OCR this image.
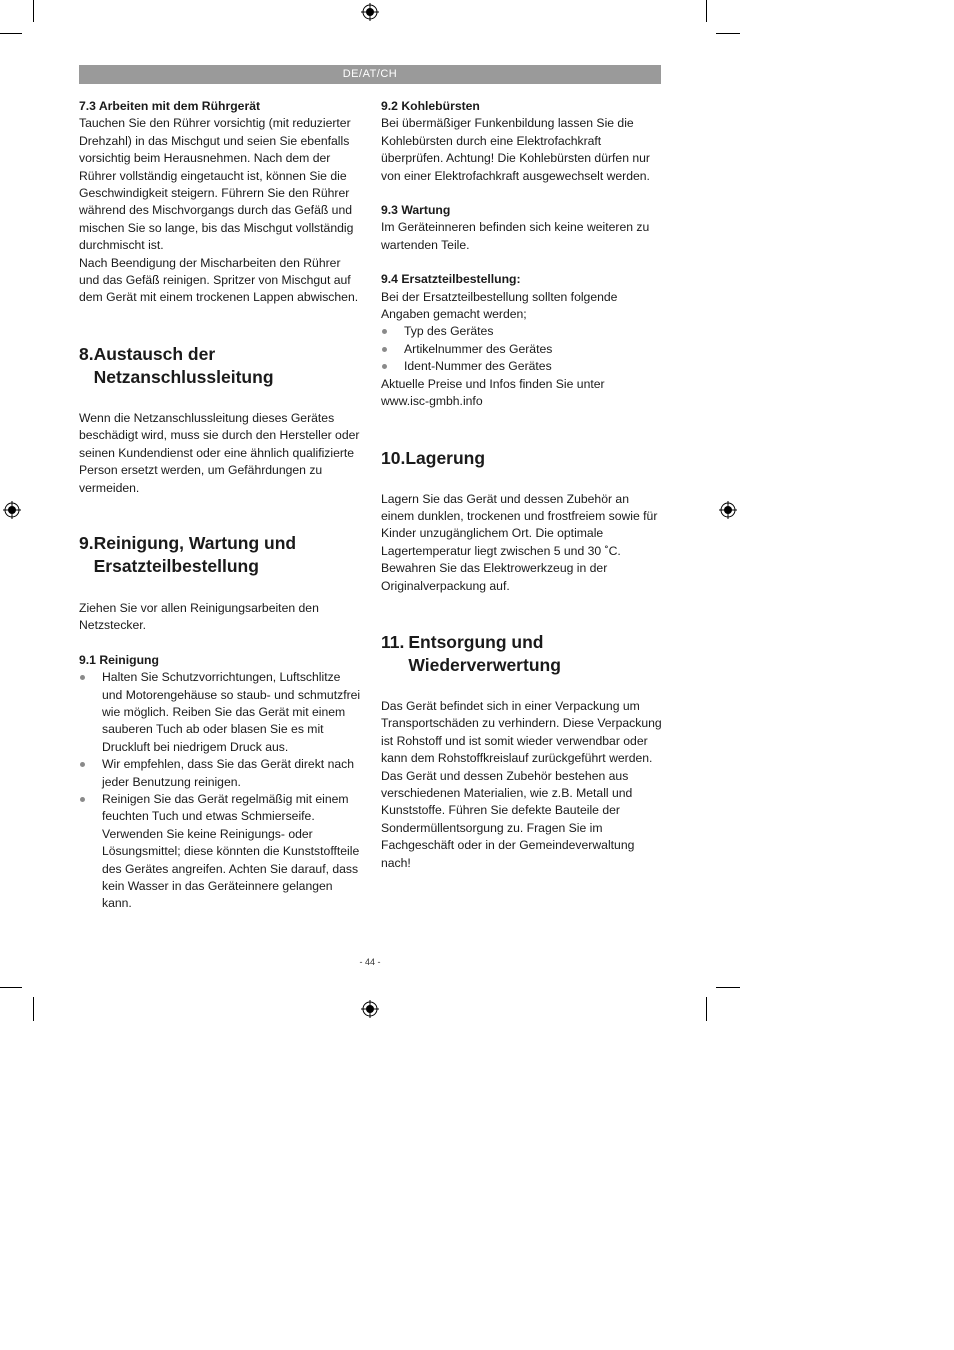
DE/AT/CH

7.3 Arbeiten mit dem Rührgerät

Tauchen Sie den Rührer vorsichtig (mit reduzierter Drehzahl) in das Mischgut und seien Sie ebenfalls vorsichtig beim Herausnehmen. Nach dem der Rührer vollständig eingetaucht ist, können Sie die Geschwindigkeit steigern. Führern Sie den Rührer während des Mischvorgangs durch das Gefäß und mischen Sie so lange, bis das Mischgut vollständig durchmischt ist.

Nach Beendigung der Mischarbeiten den Rührer und das Gefäß reinigen. Spritzer von Mischgut auf dem Gerät mit einem trockenen Lappen abwischen.

8. Austausch der Netzanschlussleitung

Wenn die Netzanschlussleitung dieses Gerätes beschädigt wird, muss sie durch den Hersteller oder seinen Kundendienst oder eine ähnlich qualifizierte Person ersetzt werden, um Gefährdungen zu vermeiden.

9. Reinigung, Wartung und Ersatzteilbestellung

Ziehen Sie vor allen Reinigungsarbeiten den Netzstecker.

9.1 Reinigung

Halten Sie Schutzvorrichtungen, Luftschlitze und Motorengehäuse so staub- und schmutzfrei wie möglich. Reiben Sie das Gerät mit einem sauberen Tuch ab oder blasen Sie es mit Druckluft bei niedrigem Druck aus.
Wir empfehlen, dass Sie das Gerät direkt nach jeder Benutzung reinigen.
Reinigen Sie das Gerät regelmäßig mit einem feuchten Tuch und etwas Schmierseife. Verwenden Sie keine Reinigungs- oder Lösungsmittel; diese könnten die Kunststoffteile des Gerätes angreifen. Achten Sie darauf, dass kein Wasser in das Geräteinnere gelangen kann.

9.2 Kohlebürsten

Bei übermäßiger Funkenbildung lassen Sie die Kohlebürsten durch eine Elektrofachkraft überprüfen. Achtung! Die Kohlebürsten dürfen nur von einer Elektrofachkraft ausgewechselt werden.

9.3 Wartung

Im Geräteinneren befinden sich keine weiteren zu wartenden Teile.

9.4 Ersatzteilbestellung:

Bei der Ersatzteilbestellung sollten folgende Angaben gemacht werden;

Typ des Gerätes
Artikelnummer des Gerätes
Ident-Nummer des Gerätes

Aktuelle Preise und Infos finden Sie unter

www.isc-gmbh.info

10. Lagerung

Lagern Sie das Gerät und dessen Zubehör an einem dunklen, trockenen und frostfreiem sowie für Kinder unzugänglichem Ort. Die optimale Lagertemperatur liegt zwischen 5 und 30 ˚C. Bewahren Sie das Elektrowerkzeug in der Originalverpackung auf.

11. Entsorgung und Wiederverwertung

Das Gerät befindet sich in einer Verpackung um Transportschäden zu verhindern. Diese Verpackung ist Rohstoff und ist somit wieder verwendbar oder kann dem Rohstoffkreislauf zurückgeführt werden. Das Gerät und dessen Zubehör bestehen aus verschiedenen Materialien, wie z.B. Metall und Kunststoffe. Führen Sie defekte Bauteile der Sondermüllentsorgung zu. Fragen Sie im Fachgeschäft oder in der Gemeindeverwaltung nach!

- 44 -
